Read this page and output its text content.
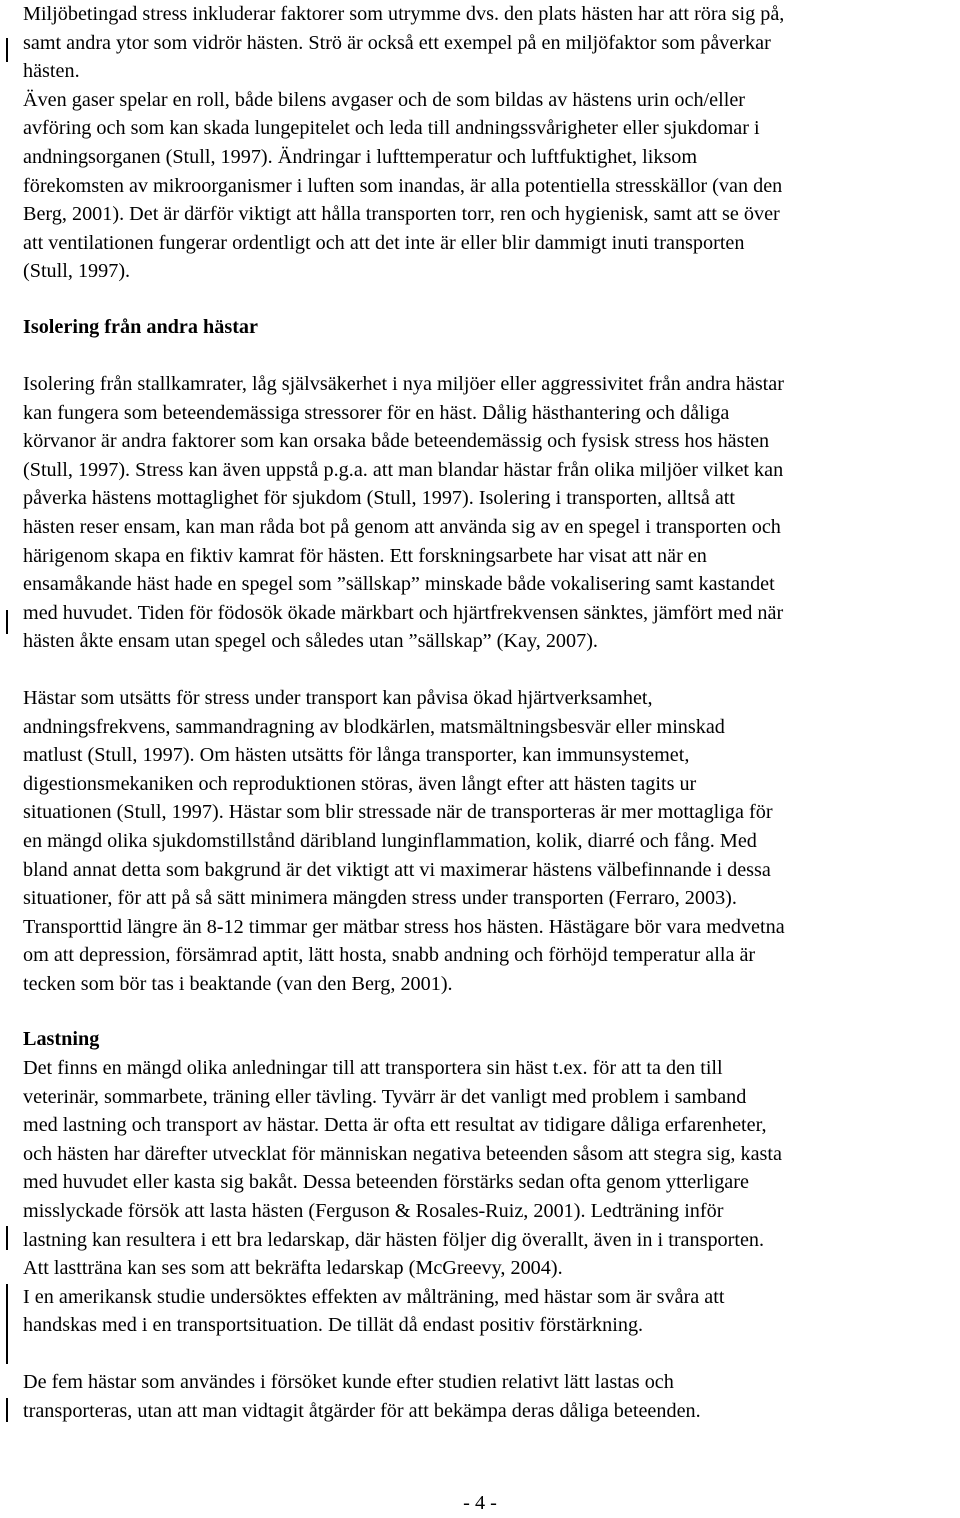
Miljöbetingad stress inkluderar faktorer som utrymme dvs. den plats hästen har att röra sig på,
samt andra ytor som vidrör hästen. Strö är också ett exempel på en miljöfaktor som påverkar
hästen.
Även gaser spelar en roll, både bilens avgaser och de som bildas av hästens urin och/eller
avföring och som kan skada lungepitelet och leda till andningssvårigheter eller sjukdomar i
andningsorganen (Stull, 1997). Ändringar i lufttemperatur och luftfuktighet, liksom
förekomsten av mikroorganismer i luften som inandas, är alla potentiella stresskällor (van den
Berg, 2001). Det är därför viktigt att hålla transporten torr, ren och hygienisk, samt att se över
att ventilationen fungerar ordentligt och att det inte är eller blir dammigt inuti transporten
(Stull, 1997).
Isolering från andra hästar
Isolering från stallkamrater, låg självsäkerhet i nya miljöer eller aggressivitet från andra hästar
kan fungera som beteendemässiga stressorer för en häst. Dålig hästhantering och dåliga
körvanor är andra faktorer som kan orsaka både beteendemässig och fysisk stress hos hästen
(Stull, 1997). Stress kan även uppstå p.g.a. att man blandar hästar från olika miljöer vilket kan
påverka hästens mottaglighet för sjukdom (Stull, 1997). Isolering i transporten, alltså att
hästen reser ensam, kan man råda bot på genom att använda sig av en spegel i transporten och
härigenom skapa en fiktiv kamrat för hästen. Ett forskningsarbete har visat att när en
ensamåkande häst hade en spegel som ”sällskap” minskade både vokalisering samt kastandet
med huvudet. Tiden för födosök ökade märkbart och hjärtfrekvensen sänktes, jämfört med när
hästen åkte ensam utan spegel och således utan ”sällskap” (Kay, 2007).
Hästar som utsätts för stress under transport kan påvisa ökad hjärtverksamhet,
andningsfrekvens, sammandragning av blodkärlen, matsmältningsbesvär eller minskad
matlust (Stull, 1997). Om hästen utsätts för långa transporter, kan immunsystemet,
digestionsmekaniken och reproduktionen störas, även långt efter att hästen tagits ur
situationen (Stull, 1997). Hästar som blir stressade när de transporteras är mer mottagliga för
en mängd olika sjukdomstillstånd däribland lunginflammation, kolik, diarré och fång. Med
bland annat detta som bakgrund är det viktigt att vi maximerar hästens välbefinnande i dessa
situationer, för att på så sätt minimera mängden stress under transporten (Ferraro, 2003).
Transporttid längre än 8-12 timmar ger mätbar stress hos hästen. Hästägare bör vara medvetna
om att depression, försämrad aptit, lätt hosta, snabb andning och förhöjd temperatur alla är
tecken som bör tas i beaktande (van den Berg, 2001).
Lastning
Det finns en mängd olika anledningar till att transportera sin häst t.ex. för att ta den till
veterinär, sommarbete, träning eller tävling. Tyvärr är det vanligt med problem i samband
med lastning och transport av hästar. Detta är ofta ett resultat av tidigare dåliga erfarenheter,
och hästen har därefter utvecklat för människan negativa beteenden såsom att stegra sig, kasta
med huvudet eller kasta sig bakåt. Dessa beteenden förstärks sedan ofta genom ytterligare
misslyckade försök att lasta hästen (Ferguson & Rosales-Ruiz, 2001). Ledträning inför
lastning kan resultera i ett bra ledarskap, där hästen följer dig överallt, även in i transporten.
Att lastträna kan ses som att bekräfta ledarskap (McGreevy, 2004).
I en amerikansk studie undersöktes effekten av målträning, med hästar som är svåra att
handskas med i en transportsituation. De tillät då endast positiv förstärkning.
De fem hästar som användes i försöket kunde efter studien relativt lätt lastas och
transporteras, utan att man vidtagit åtgärder för att bekämpa deras dåliga beteenden.
- 4 -
